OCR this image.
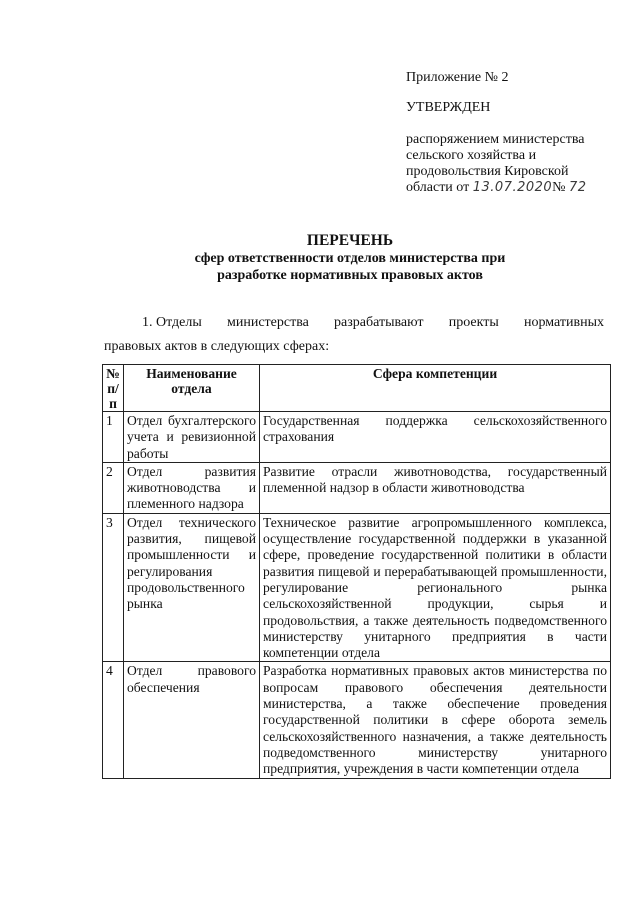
Приложение № 2
УТВЕРЖДЕН
распоряжением министерства
сельского хозяйства и
продовольствия Кировской
области от 13.07.2020№ 72
ПЕРЕЧЕНЬ
сфер ответственности отделов министерства при
разработке нормативных правовых актов
1. Отделы министерства разрабатывают проекты нормативных
правовых актов в следующих сферах:
№ п/п	Наименование отдела	Сфера компетенции
1	Отдел бухгалтерского учета и ревизионной работы	Государственная поддержка сельскохозяйственного страхования
2	Отдел развития животноводства и племенного надзора	Развитие отрасли животноводства, государственный племенной надзор в области животноводства
3	Отдел технического развития, пищевой промышленности и регулирования продовольственного рынка	Техническое развитие агропромышленного комплекса, осуществление государственной поддержки в указанной сфере, проведение государственной политики в области развития пищевой и перерабатывающей промышленности, регулирование регионального рынка сельскохозяйственной продукции, сырья и продовольствия, а также деятельность подведомственного министерству унитарного предприятия в части компетенции отдела
4	Отдел правового обеспечения	Разработка нормативных правовых актов министерства по вопросам правового обеспечения деятельности министерства, а также обеспечение проведения государственной политики в сфере оборота земель сельскохозяйственного назначения, а также деятельность подведомственного министерству унитарного предприятия, учреждения в части компетенции отдела
